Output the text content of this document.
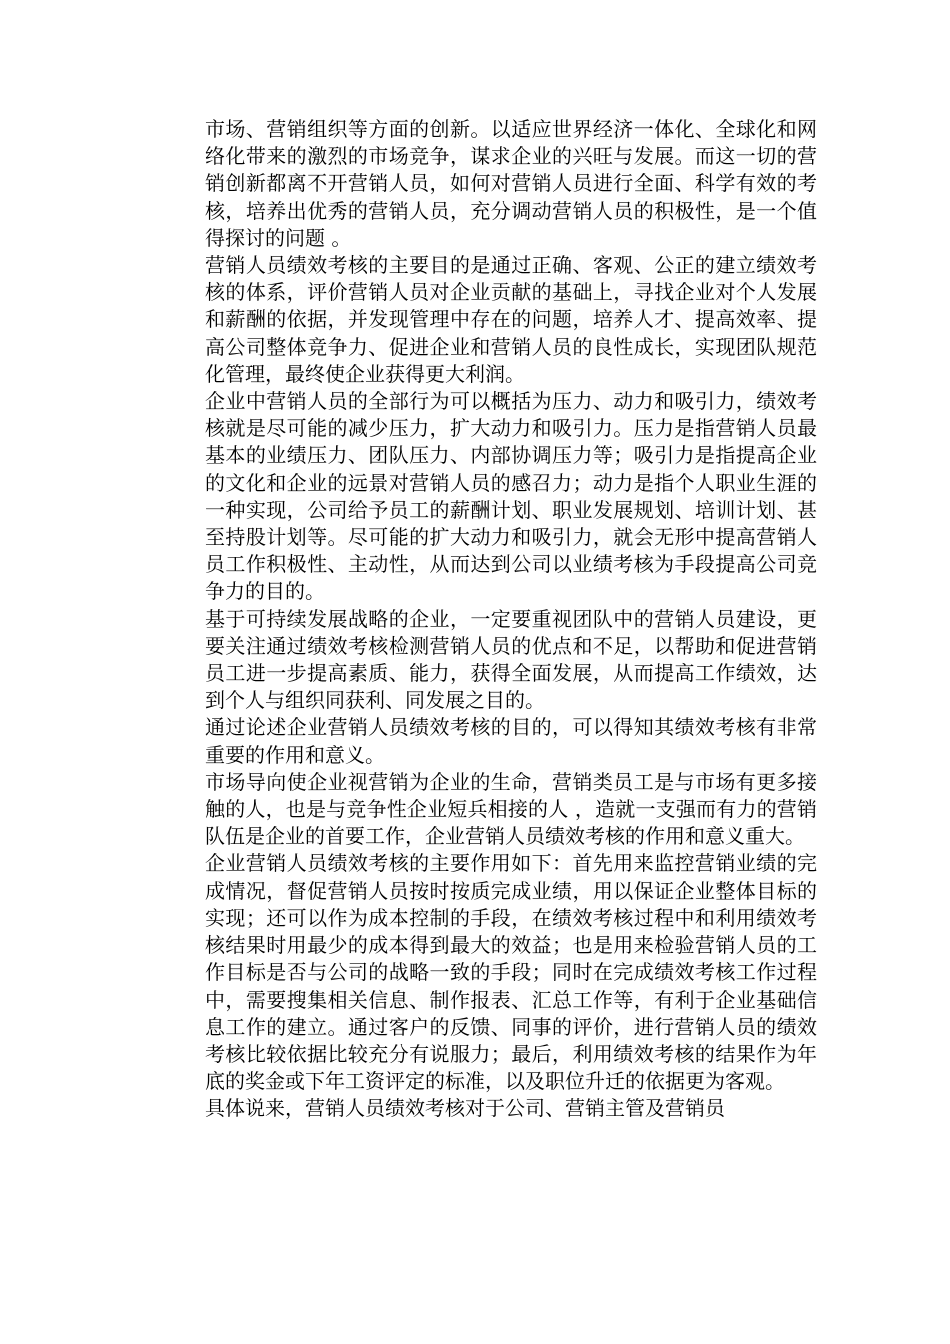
市场、营销组织等方面的创新。以适应世界经济一体化、全球化和网络化带来的激烈的市场竞争，谋求企业的兴旺与发展。而这一切的营销创新都离不开营销人员，如何对营销人员进行全面、科学有效的考核，培养出优秀的营销人员，充分调动营销人员的积极性，是一个值得探讨的问题 。

营销人员绩效考核的主要目的是通过正确、客观、公正的建立绩效考核的体系，评价营销人员对企业贡献的基础上，寻找企业对个人发展和薪酬的依据，并发现管理中存在的问题，培养人才、提高效率、提高公司整体竞争力、促进企业和营销人员的良性成长，实现团队规范化管理，最终使企业获得更大利润。

企业中营销人员的全部行为可以概括为压力、动力和吸引力，绩效考核就是尽可能的减少压力，扩大动力和吸引力。压力是指营销人员最基本的业绩压力、团队压力、内部协调压力等；吸引力是指提高企业的文化和企业的远景对营销人员的感召力；动力是指个人职业生涯的一种实现，公司给予员工的薪酬计划、职业发展规划、培训计划、甚至持股计划等。尽可能的扩大动力和吸引力，就会无形中提高营销人员工作积极性、主动性，从而达到公司以业绩考核为手段提高公司竞争力的目的。

基于可持续发展战略的企业，一定要重视团队中的营销人员建设，更要关注通过绩效考核检测营销人员的优点和不足，以帮助和促进营销员工进一步提高素质、能力，获得全面发展，从而提高工作绩效，达到个人与组织同获利、同发展之目的。

通过论述企业营销人员绩效考核的目的，可以得知其绩效考核有非常重要的作用和意义。

市场导向使企业视营销为企业的生命，营销类员工是与市场有更多接触的人，也是与竞争性企业短兵相接的人 ，造就一支强而有力的营销队伍是企业的首要工作，企业营销人员绩效考核的作用和意义重大。

企业营销人员绩效考核的主要作用如下：首先用来监控营销业绩的完成情况，督促营销人员按时按质完成业绩，用以保证企业整体目标的实现；还可以作为成本控制的手段，在绩效考核过程中和利用绩效考核结果时用最少的成本得到最大的效益；也是用来检验营销人员的工作目标是否与公司的战略一致的手段；同时在完成绩效考核工作过程中，需要搜集相关信息、制作报表、汇总工作等，有利于企业基础信息工作的建立。通过客户的反馈、同事的评价，进行营销人员的绩效考核比较依据比较充分有说服力；最后，利用绩效考核的结果作为年底的奖金或下年工资评定的标准，以及职位升迁的依据更为客观。

具体说来，营销人员绩效考核对于公司、营销主管及营销员
